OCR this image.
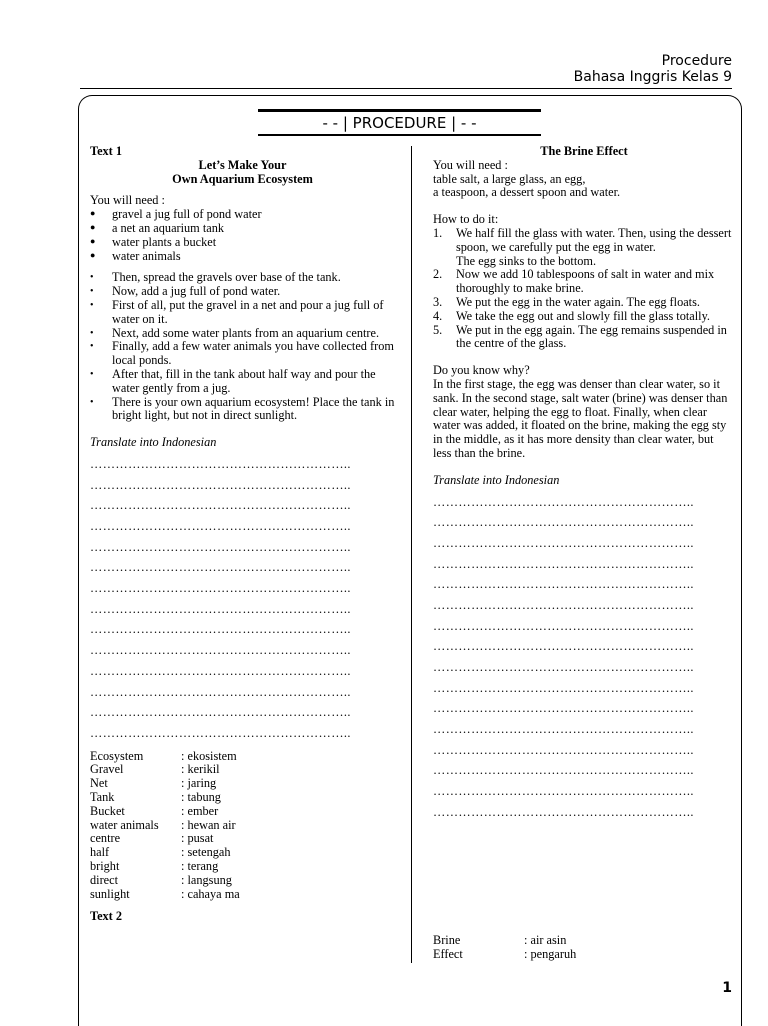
Procedure
Bahasa Inggris Kelas 9
- - | PROCEDURE | - -
Text 1
Let’s Make Your
Own Aquarium Ecosystem
You will need :
● gravel a jug full of pond water
● a net an aquarium tank
● water plants a bucket
● water animals
• Then, spread the gravels over base of the tank.
• Now, add a jug full of pond water.
• First of all, put the gravel in a net and pour a jug full of water on it.
• Next, add some water plants from an aquarium centre.
• Finally, add a few water animals you have collected from local ponds.
• After that, fill in the tank about half way and pour the water gently from a jug.
• There is your own aquarium ecosystem! Place the tank in bright light, but not in direct sunlight.
Translate into Indonesian
……………………………………………………..
……………………………………………………..
……………………………………………………..
……………………………………………………..
……………………………………………………..
……………………………………………………..
……………………………………………………..
……………………………………………………..
……………………………………………………..
……………………………………………………..
……………………………………………………..
……………………………………………………..
……………………………………………………..
……………………………………………………..
Ecosystem	: ekosistem
Gravel	: kerikil
Net	: jaring
Tank	: tabung
Bucket	: ember
water animals	: hewan air
centre	: pusat
half	: setengah
bright	: terang
direct	: langsung
sunlight	: cahaya ma
Text 2
The Brine Effect
You will need :
table salt, a large glass, an egg,
a teaspoon, a dessert spoon and water.
How to do it:
1. We half fill the glass with water. Then, using the dessert spoon, we carefully put the egg in water.
The egg sinks to the bottom.
2. Now we add 10 tablespoons of salt in water and mix thoroughly to make brine.
3. We put the egg in the water again. The egg floats.
4. We take the egg out and slowly fill the glass totally.
5. We put in the egg again. The egg remains suspended in the centre of the glass.
Do you know why?
In the first stage, the egg was denser than clear water, so it sank. In the second stage, salt water (brine) was denser than clear water, helping the egg to float. Finally, when clear water was added, it floated on the brine, making the egg sty in the middle, as it has more density than clear water, but less than the brine.
Translate into Indonesian
……………………………………………………..
……………………………………………………..
……………………………………………………..
……………………………………………………..
……………………………………………………..
……………………………………………………..
……………………………………………………..
……………………………………………………..
……………………………………………………..
……………………………………………………..
……………………………………………………..
……………………………………………………..
……………………………………………………..
……………………………………………………..
……………………………………………………..
……………………………………………………..
Brine	: air asin
Effect	: pengaruh
1
